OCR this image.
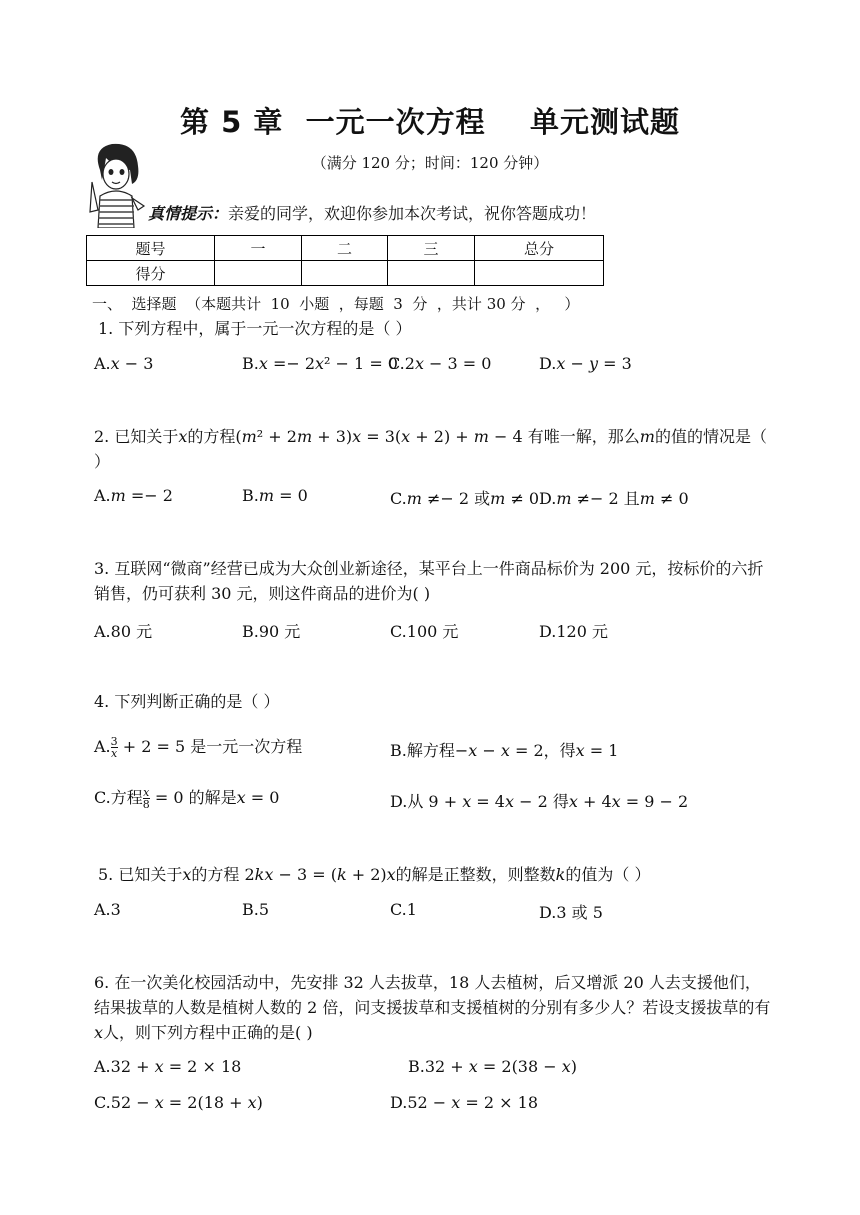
第 5 章  一元一次方程    单元测试题
（满分 120 分；时间：120 分钟）
真情提示：亲爱的同学，欢迎你参加本次考试，祝你答题成功！
题号	一	二	三	总分
得分				
一、  选择题  （本题共计  10  小题  ，每题  3  分  ，共计 30 分  ，   ）
1. 下列方程中，属于一元一次方程的是（ ）
A.𝑥 − 3	B.𝑥 =− 2𝑥² − 1 = 0
C.2𝑥 − 3 = 0	D.𝑥 − 𝑦 = 3
2. 已知关于𝑥的方程(𝑚² + 2𝑚 + 3)𝑥 = 3(𝑥 + 2) + 𝑚 − 4 有唯一解，那么𝑚的值的情况是（ ）
A.𝑚 =− 2	B.𝑚 = 0	C.𝑚 ≠− 2 或𝑚 ≠ 0 D.𝑚 ≠− 2 且𝑚 ≠ 0
3. 互联网“微商”经营已成为大众创业新途径，某平台上一件商品标价为 200 元，按标价的六折销售，仍可获利 30 元，则这件商品的进价为( )
A.80 元	B.90 元	C.100 元	D.120 元
4. 下列判断正确的是（ ）
A. $\frac{3}{\text{𝑥}} + 2 = 5$ 是一元一次方程	B.解方程−𝑥 − 𝑥 = 2，得𝑥 = 1
C.方程 $\frac{\text{𝑥}}{8} = 0$ 的解是𝑥 = 0	D.从 9 + 𝑥 = 4𝑥 − 2 得𝑥 + 4𝑥 = 9 − 2
5. 已知关于𝑥的方程 2𝑘𝑥 − 3 = (𝑘 + 2)𝑥的解是正整数，则整数𝑘的值为（ ）
A.3	B.5	C.1	D.3 或 5
6. 在一次美化校园活动中，先安排 32 人去拔草，18 人去植树，后又增派 20 人去支援他们，结果拔草的人数是植树人数的 2 倍，问支援拔草和支援植树的分别有多少人？若设支援拔草的有𝑥人，则下列方程中正确的是( )
A.32 + 𝑥 = 2 × 18	B.32 + 𝑥 = 2(38 − 𝑥)
C.52 − 𝑥 = 2(18 + 𝑥)	D.52 − 𝑥 = 2 × 18
